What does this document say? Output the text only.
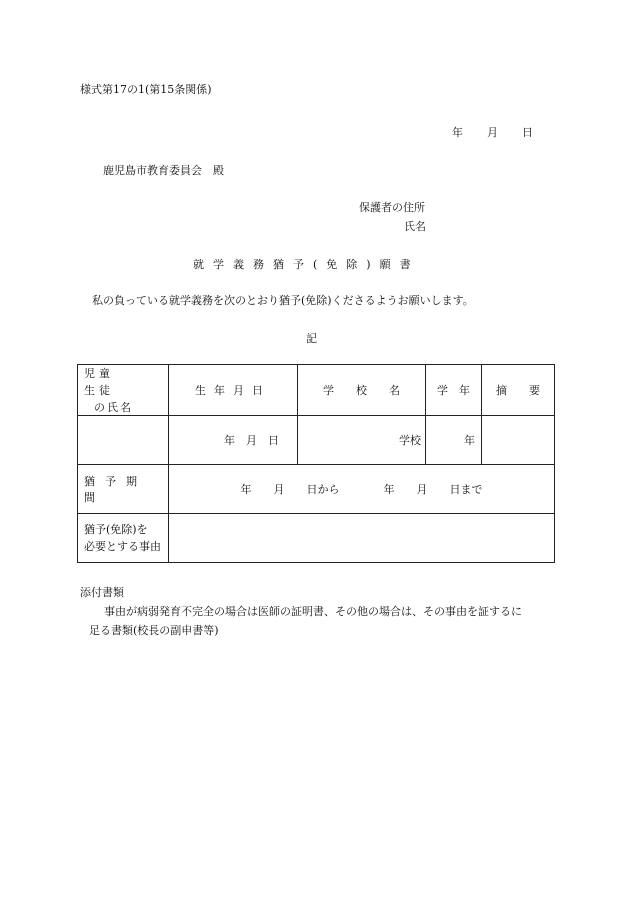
様式第17の1(第15条関係)
年 月 日
鹿児島市教育委員会　殿
保護者の住所
氏名
就学義務猶予(免除)願書
私の負っている就学義務を次のとおり猶予(免除)くださるようお願いします。
記
児童
生徒の氏名	生年月日	学　　校　　名	学　年	摘　　要
	年　月　日	学校	年	
猶予期間	年　　月　　日から　　　　年　　月　　日まで			
猶予(免除)を
必要とする事由				
添付書類
事由が病弱発育不完全の場合は医師の証明書、その他の場合は、その事由を証するに
足る書類(校長の副申書等)
